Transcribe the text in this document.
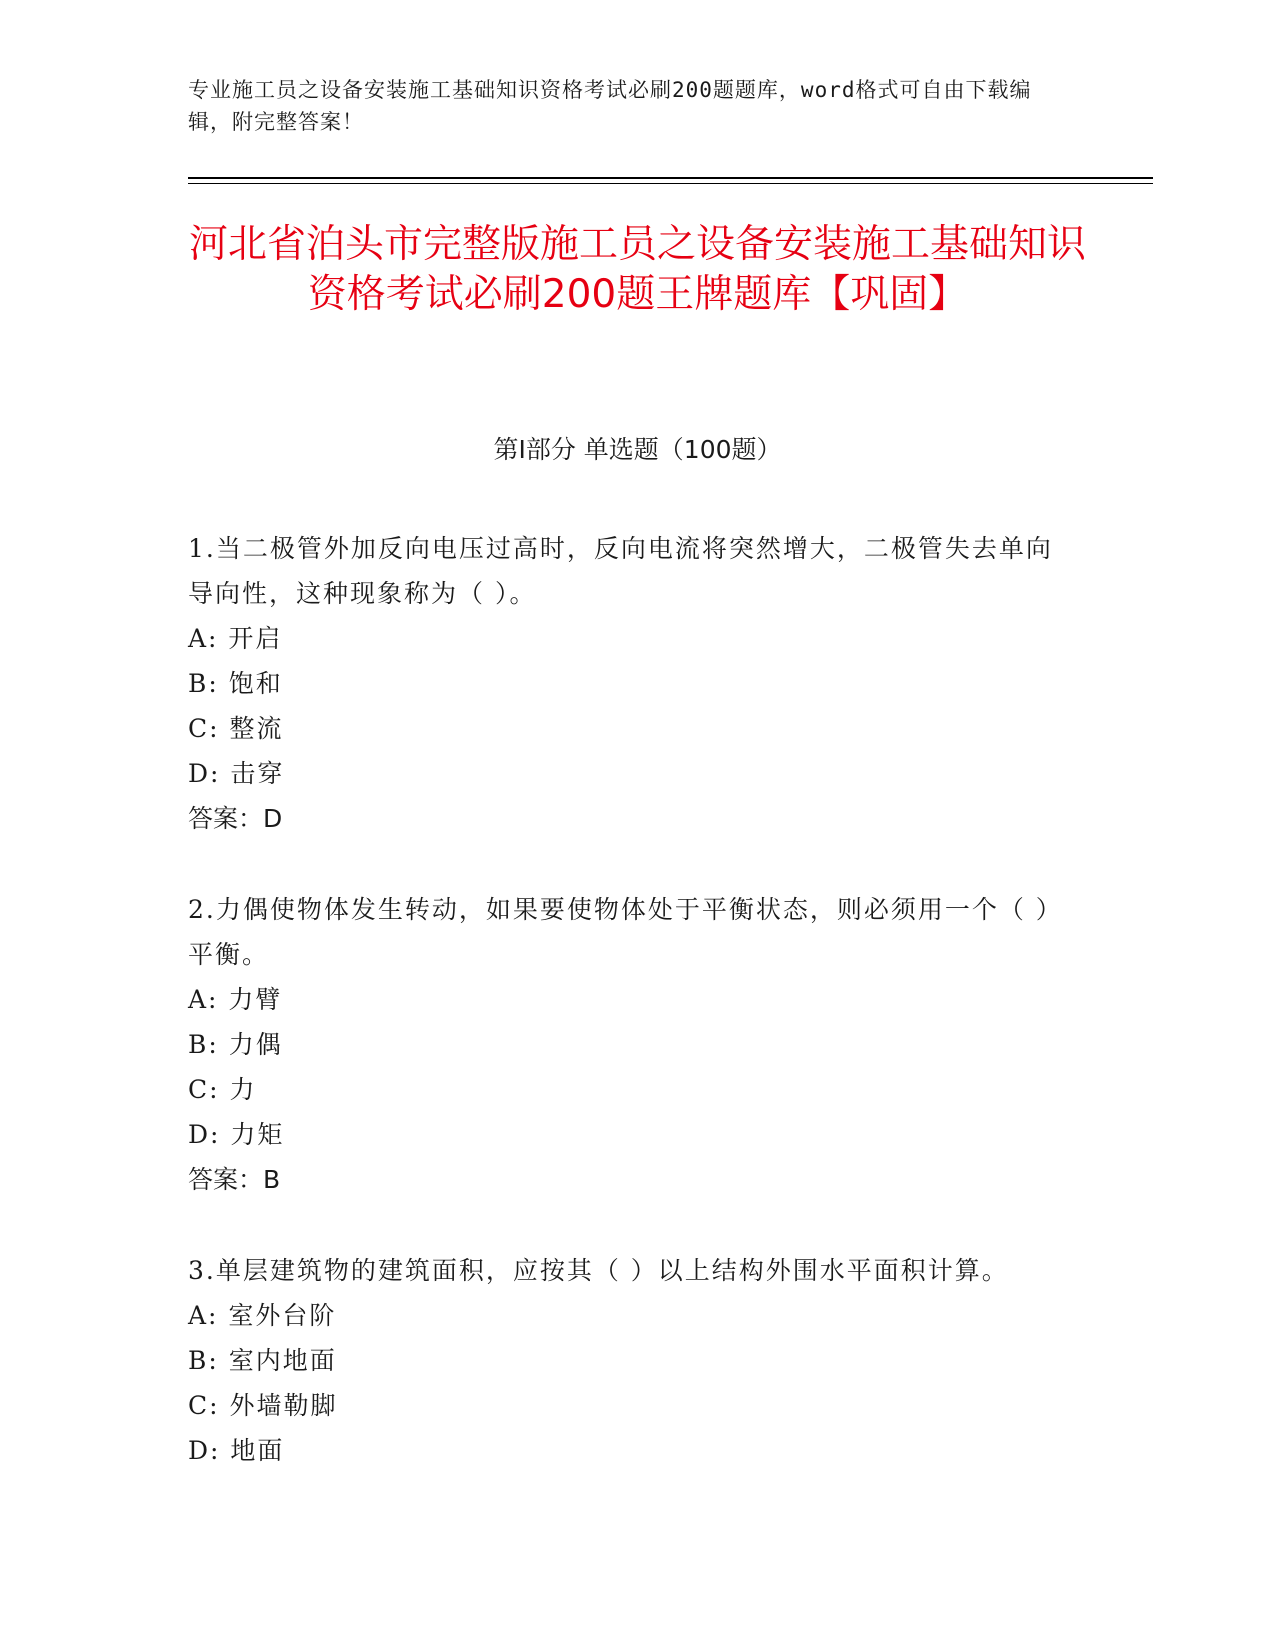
专业施工员之设备安装施工基础知识资格考试必刷200题题库，word格式可自由下载编辑，附完整答案！
河北省泊头市完整版施工员之设备安装施工基础知识资格考试必刷200题王牌题库【巩固】
第I部分 单选题（100题）
1.当二极管外加反向电压过高时，反向电流将突然增大，二极管失去单向导向性，这种现象称为（ ）。
A: 开启
B: 饱和
C: 整流
D: 击穿
答案：D
2.力偶使物体发生转动，如果要使物体处于平衡状态，则必须用一个（ ）平衡。
A: 力臂
B: 力偶
C: 力
D: 力矩
答案：B
3.单层建筑物的建筑面积，应按其（ ）以上结构外围水平面积计算。
A: 室外台阶
B: 室内地面
C: 外墙勒脚
D: 地面
